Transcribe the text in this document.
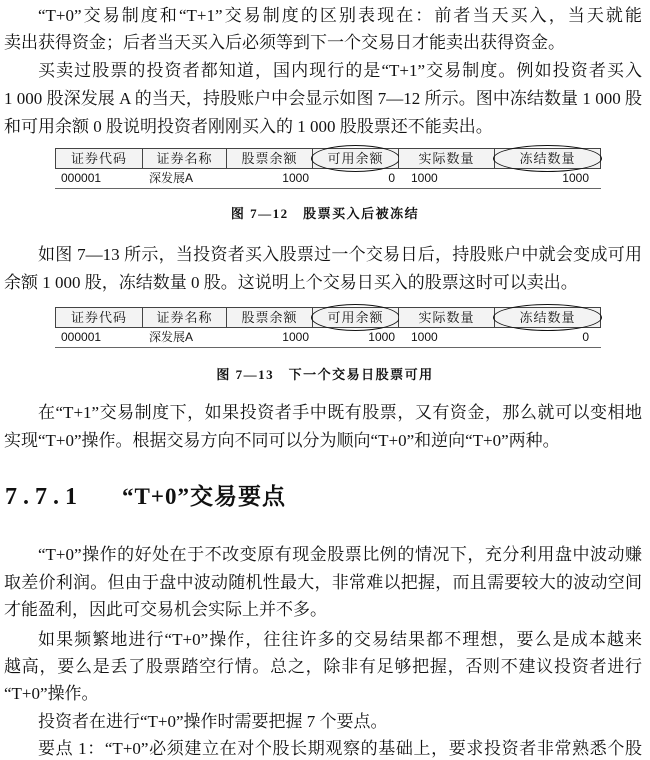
“T+0”交易制度和“T+1”交易制度的区别表现在：前者当天买入，当天就能
卖出获得资金；后者当天买入后必须等到下一个交易日才能卖出获得资金。
买卖过股票的投资者都知道，国内现行的是“T+1”交易制度。例如投资者买入
1 000 股深发展 A 的当天，持股账户中会显示如图 7—12 所示。图中冻结数量 1 000 股
和可用余额 0 股说明投资者刚刚买入的 1 000 股股票还不能卖出。
证券代码	证券名称	股票余额	可用余额	实际数量	冻结数量
000001	深发展A	1000	0	1000	1000
图 7—12　股票买入后被冻结
如图 7—13 所示，当投资者买入股票过一个交易日后，持股账户中就会变成可用
余额 1 000 股，冻结数量 0 股。这说明上个交易日买入的股票这时可以卖出。
证券代码	证券名称	股票余额	可用余额	实际数量	冻结数量
000001	深发展A	1000	1000	1000	0
图 7—13　下一个交易日股票可用
在“T+1”交易制度下，如果投资者手中既有股票，又有资金，那么就可以变相地
实现“T+0”操作。根据交易方向不同可以分为顺向“T+0”和逆向“T+0”两种。
7.7.1 “T+0”交易要点
“T+0”操作的好处在于不改变原有现金股票比例的情况下，充分利用盘中波动赚
取差价利润。但由于盘中波动随机性最大，非常难以把握，而且需要较大的波动空间
才能盈利，因此可交易机会实际上并不多。
如果频繁地进行“T+0”操作，往往许多的交易结果都不理想，要么是成本越来
越高，要么是丢了股票踏空行情。总之，除非有足够把握，否则不建议投资者进行
“T+0”操作。
投资者在进行“T+0”操作时需要把握 7 个要点。
要点 1：“T+0”必须建立在对个股长期观察的基础上，要求投资者非常熟悉个股
